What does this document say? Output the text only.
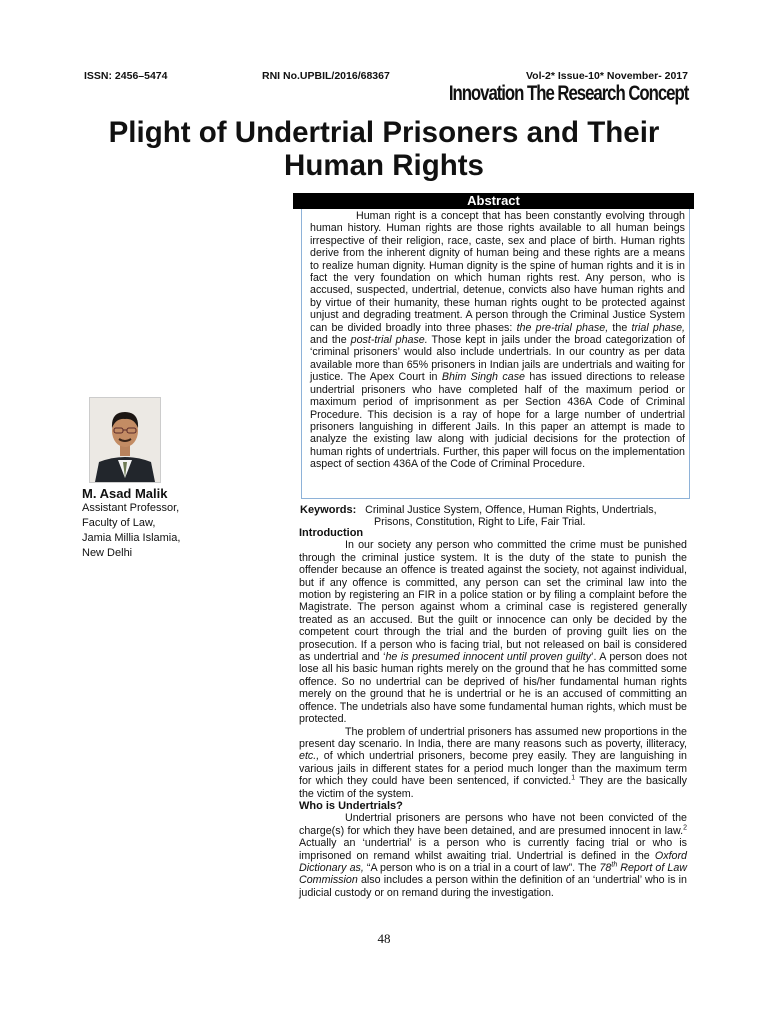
ISSN: 2456–5474	RNI No.UPBIL/2016/68367	Vol-2* Issue-10* November- 2017
Innovation The Research Concept
Plight of Undertrial Prisoners and Their Human Rights
Abstract

Human right is a concept that has been constantly evolving through human history. Human rights are those rights available to all human beings irrespective of their religion, race, caste, sex and place of birth. Human rights derive from the inherent dignity of human being and these rights are a means to realize human dignity. Human dignity is the spine of human rights and it is in fact the very foundation on which human rights rest. Any person, who is accused, suspected, undertrial, detenue, convicts also have human rights and by virtue of their humanity, these human rights ought to be protected against unjust and degrading treatment. A person through the Criminal Justice System can be divided broadly into three phases: the pre-trial phase, the trial phase, and the post-trial phase. Those kept in jails under the broad categorization of ‘criminal prisoners’ would also include undertrials. In our country as per data available more than 65% prisoners in Indian jails are undertrials and waiting for justice. The Apex Court in Bhim Singh case has issued directions to release undertrial prisoners who have completed half of the maximum period or maximum period of imprisonment as per Section 436A Code of Criminal Procedure. This decision is a ray of hope for a large number of undertrial prisoners languishing in different Jails. In this paper an attempt is made to analyze the existing law along with judicial decisions for the protection of human rights of undertrials. Further, this paper will focus on the implementation aspect of section 436A of the Code of Criminal Procedure.

M. Asad Malik
Assistant Professor,
Faculty of Law,
Jamia Millia Islamia,
New Delhi
Keywords: Criminal Justice System, Offence, Human Rights, Undertrials,
Prisons, Constitution, Right to Life, Fair Trial.

Introduction

In our society any person who committed the crime must be punished through the criminal justice system. It is the duty of the state to punish the offender because an offence is treated against the society, not against individual, but if any offence is committed, any person can set the criminal law into the motion by registering an FIR in a police station or by filing a complaint before the Magistrate. The person against whom a criminal case is registered generally treated as an accused. But the guilt or innocence can only be decided by the competent court through the trial and the burden of proving guilt lies on the prosecution. If a person who is facing trial, but not released on bail is considered as undertrial and ‘he is presumed innocent until proven guilty’. A person does not lose all his basic human rights merely on the ground that he has committed some offence. So no undertrial can be deprived of his/her fundamental human rights merely on the ground that he is undertrial or he is an accused of committing an offence. The undetrials also have some fundamental human rights, which must be protected.

The problem of undertrial prisoners has assumed new proportions in the present day scenario. In India, there are many reasons such as poverty, illiteracy, etc., of which undertrial prisoners, become prey easily. They are languishing in various jails in different states for a period much longer than the maximum term for which they could have been sentenced, if convicted.$^1$ They are the basically the victim of the system.

Who is Undertrials?

Undertrial prisoners are persons who have not been convicted of the charge(s) for which they have been detained, and are presumed innocent in law.$^2$ Actually an ‘undertrial’ is a person who is currently facing trial or who is imprisoned on remand whilst awaiting trial. Undertrial is defined in the Oxford Dictionary as, “A person who is on a trial in a court of law”. The 78th Report of Law Commission also includes a person within the definition of an ‘undertrial’ who is in judicial custody or on remand during the investigation.

48
